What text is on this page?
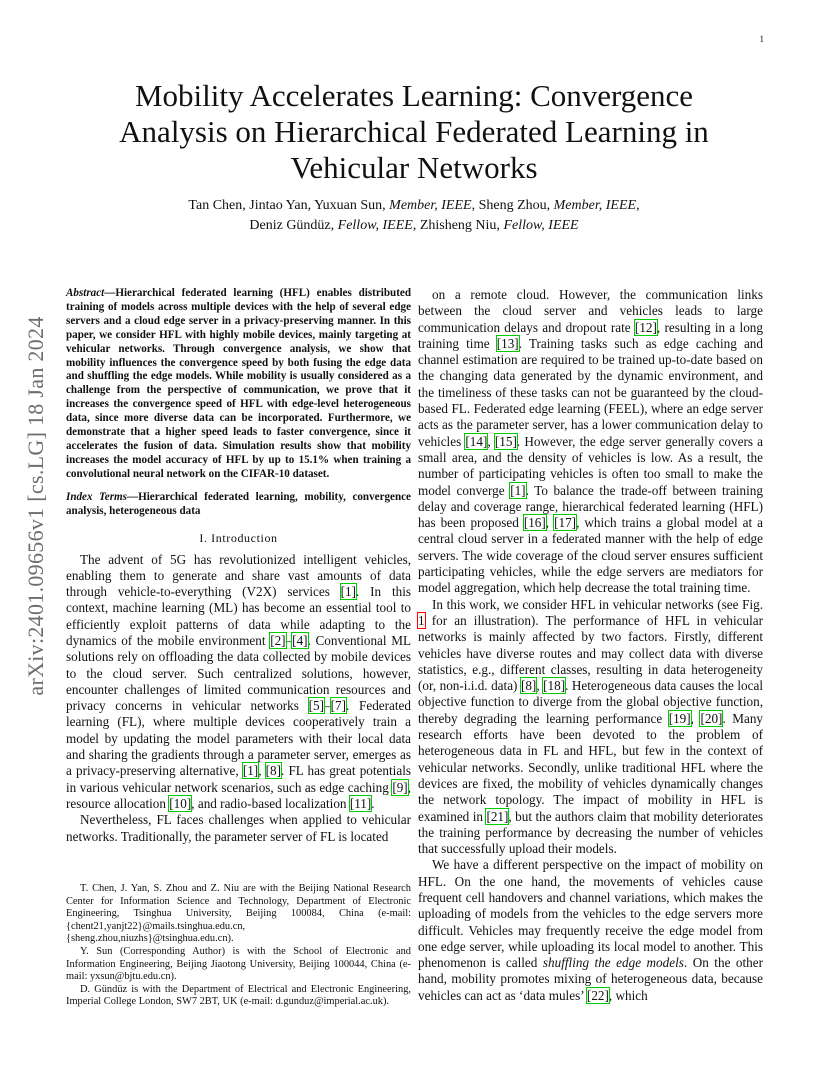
1
arXiv:2401.09656v1 [cs.LG] 18 Jan 2024
Mobility Accelerates Learning: Convergence Analysis on Hierarchical Federated Learning in Vehicular Networks
Tan Chen, Jintao Yan, Yuxuan Sun, Member, IEEE, Sheng Zhou, Member, IEEE,
Deniz Gündüz, Fellow, IEEE, Zhisheng Niu, Fellow, IEEE

Abstract—Hierarchical federated learning (HFL) enables distributed training of models across multiple devices with the help of several edge servers and a cloud edge server in a privacy-preserving manner. In this paper, we consider HFL with highly mobile devices, mainly targeting at vehicular networks. Through convergence analysis, we show that mobility influences the convergence speed by both fusing the edge data and shuffling the edge models. While mobility is usually considered as a challenge from the perspective of communication, we prove that it increases the convergence speed of HFL with edge-level heterogeneous data, since more diverse data can be incorporated. Furthermore, we demonstrate that a higher speed leads to faster convergence, since it accelerates the fusion of data. Simulation results show that mobility increases the model accuracy of HFL by up to 15.1% when training a convolutional neural network on the CIFAR-10 dataset.

Index Terms—Hierarchical federated learning, mobility, convergence analysis, heterogeneous data

I. Introduction

The advent of 5G has revolutionized intelligent vehicles, enabling them to generate and share vast amounts of data through vehicle-to-everything (V2X) services [1]. In this context, machine learning (ML) has become an essential tool to efficiently exploit patterns of data while adapting to the dynamics of the mobile environment [2]–[4]. Conventional ML solutions rely on offloading the data collected by mobile devices to the cloud server. Such centralized solutions, however, encounter challenges of limited communication resources and privacy concerns in vehicular networks [5]–[7]. Federated learning (FL), where multiple devices cooperatively train a model by updating the model parameters with their local data and sharing the gradients through a parameter server, emerges as a privacy-preserving alternative, [1], [8]. FL has great potentials in various vehicular network scenarios, such as edge caching [9], resource allocation [10], and radio-based localization [11].

Nevertheless, FL faces challenges when applied to vehicular networks. Traditionally, the parameter server of FL is located

on a remote cloud. However, the communication links between the cloud server and vehicles leads to large communication delays and dropout rate [12], resulting in a long training time [13]. Training tasks such as edge caching and channel estimation are required to be trained up-to-date based on the changing data generated by the dynamic environment, and the timeliness of these tasks can not be guaranteed by the cloud-based FL. Federated edge learning (FEEL), where an edge server acts as the parameter server, has a lower communication delay to vehicles [14], [15]. However, the edge server generally covers a small area, and the density of vehicles is low. As a result, the number of participating vehicles is often too small to make the model converge [1]. To balance the trade-off between training delay and coverage range, hierarchical federated learning (HFL) has been proposed [16], [17], which trains a global model at a central cloud server in a federated manner with the help of edge servers. The wide coverage of the cloud server ensures sufficient participating vehicles, while the edge servers are mediators for model aggregation, which help decrease the total training time.

In this work, we consider HFL in vehicular networks (see Fig. 1 for an illustration). The performance of HFL in vehicular networks is mainly affected by two factors. Firstly, different vehicles have diverse routes and may collect data with diverse statistics, e.g., different classes, resulting in data heterogeneity (or, non-i.i.d. data) [8], [18]. Heterogeneous data causes the local objective function to diverge from the global objective function, thereby degrading the learning performance [19], [20]. Many research efforts have been devoted to the problem of heterogeneous data in FL and HFL, but few in the context of vehicular networks. Secondly, unlike traditional HFL where the devices are fixed, the mobility of vehicles dynamically changes the network topology. The impact of mobility in HFL is examined in [21], but the authors claim that mobility deteriorates the training performance by decreasing the number of vehicles that successfully upload their models.

We have a different perspective on the impact of mobility on HFL. On the one hand, the movements of vehicles cause frequent cell handovers and channel variations, which makes the uploading of models from the vehicles to the edge servers more difficult. Vehicles may frequently receive the edge model from one edge server, while uploading its local model to another. This phenomenon is called shuffling the edge models. On the other hand, mobility promotes mixing of heterogeneous data, because vehicles can act as ‘data mules’ [22], which

T. Chen, J. Yan, S. Zhou and Z. Niu are with the Beijing National Research Center for Information Science and Technology, Department of Electronic Engineering, Tsinghua University, Beijing 100084, China (e-mail: {chent21,yanjt22}@mails.tsinghua.edu.cn, {sheng.zhou,niuzhs}@tsinghua.edu.cn).

Y. Sun (Corresponding Author) is with the School of Electronic and Information Engineering, Beijing Jiaotong University, Beijing 100044, China (e-mail: yxsun@bjtu.edu.cn).

D. Gündüz is with the Department of Electrical and Electronic Engineering, Imperial College London, SW7 2BT, UK (e-mail: d.gunduz@imperial.ac.uk).
